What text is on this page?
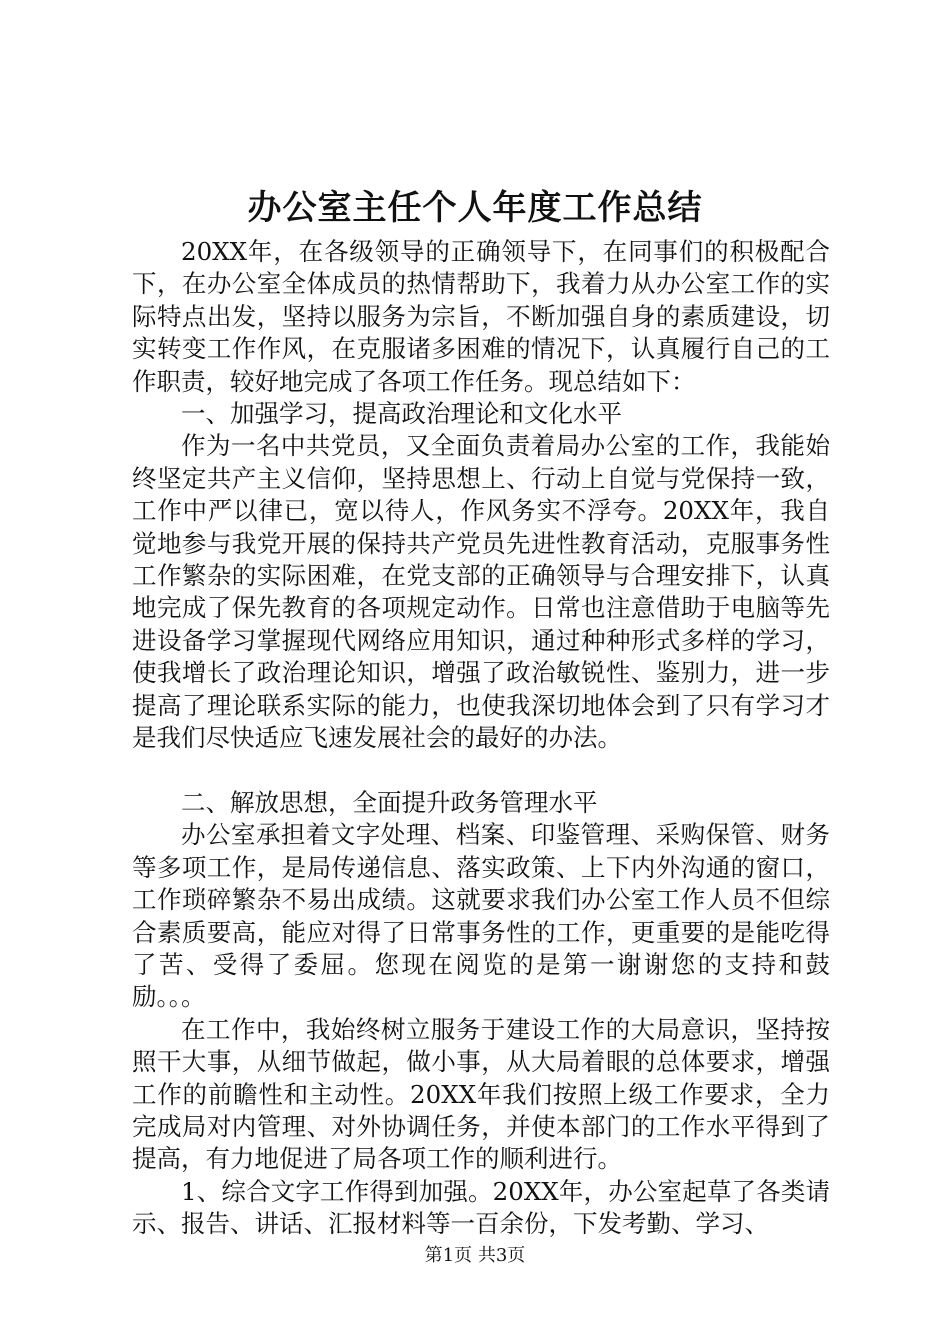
办公室主任个人年度工作总结

20XX年，在各级领导的正确领导下，在同事们的积极配合下，在办公室全体成员的热情帮助下，我着力从办公室工作的实际特点出发，坚持以服务为宗旨，不断加强自身的素质建设，切实转变工作作风，在克服诸多困难的情况下，认真履行自己的工作职责，较好地完成了各项工作任务。现总结如下：

一、加强学习，提高政治理论和文化水平

作为一名中共党员，又全面负责着局办公室的工作，我能始终坚定共产主义信仰，坚持思想上、行动上自觉与党保持一致，工作中严以律已，宽以待人，作风务实不浮夸。20XX年，我自觉地参与我党开展的保持共产党员先进性教育活动，克服事务性工作繁杂的实际困难，在党支部的正确领导与合理安排下，认真地完成了保先教育的各项规定动作。日常也注意借助于电脑等先进设备学习掌握现代网络应用知识，通过种种形式多样的学习，使我增长了政治理论知识，增强了政治敏锐性、鉴别力，进一步提高了理论联系实际的能力，也使我深切地体会到了只有学习才是我们尽快适应飞速发展社会的最好的办法。

二、解放思想，全面提升政务管理水平

办公室承担着文字处理、档案、印鉴管理、采购保管、财务等多项工作，是局传递信息、落实政策、上下内外沟通的窗口，工作琐碎繁杂不易出成绩。这就要求我们办公室工作人员不但综合素质要高，能应对得了日常事务性的工作，更重要的是能吃得了苦、受得了委屈。您现在阅览的是第一谢谢您的支持和鼓励。。。

在工作中，我始终树立服务于建设工作的大局意识，坚持按照干大事，从细节做起，做小事，从大局着眼的总体要求，增强工作的前瞻性和主动性。20XX年我们按照上级工作要求，全力完成局对内管理、对外协调任务，并使本部门的工作水平得到了提高，有力地促进了局各项工作的顺利进行。

1、综合文字工作得到加强。20XX年，办公室起草了各类请示、报告、讲话、汇报材料等一百余份，下发考勤、学习、

第1页 共3页
